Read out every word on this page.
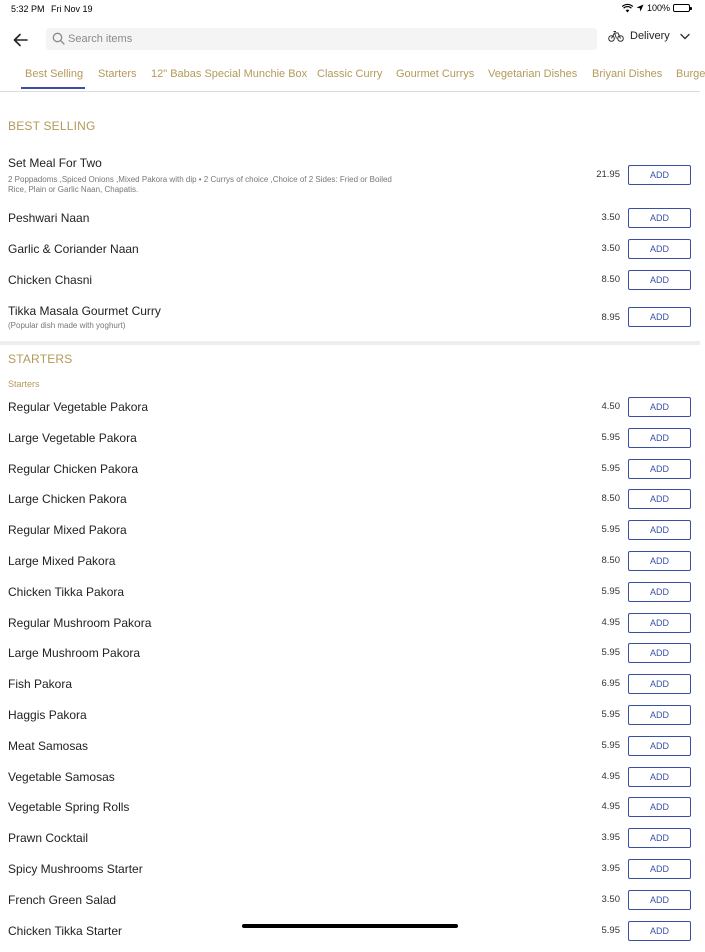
5:32 PM Fri Nov 19	100%
Search items
Delivery
Best Selling Starters 12" Babas Special Munchie Box Classic Curry Gourmet Currys Vegetarian Dishes Briyani Dishes Burge
BEST SELLING
Set Meal For Two
2 Poppadoms ,Spiced Onions ,Mixed Pakora with dip • 2 Currys of choice ,Choice of 2 Sides: Fried or Boiled Rice, Plain or Garlic Naan, Chapatis.
21.95	ADD
Peshwari Naan	3.50	ADD
Garlic & Coriander Naan	3.50	ADD
Chicken Chasni	8.50	ADD
Tikka Masala Gourmet Curry
(Popular dish made with yoghurt)
8.95	ADD
STARTERS
Starters
Regular Vegetable Pakora	4.50	ADD
Large Vegetable Pakora	5.95	ADD
Regular Chicken Pakora	5.95	ADD
Large Chicken Pakora	8.50	ADD
Regular Mixed Pakora	5.95	ADD
Large Mixed Pakora	8.50	ADD
Chicken Tikka Pakora	5.95	ADD
Regular Mushroom Pakora	4.95	ADD
Large Mushroom Pakora	5.95	ADD
Fish Pakora	6.95	ADD
Haggis Pakora	5.95	ADD
Meat Samosas	5.95	ADD
Vegetable Samosas	4.95	ADD
Vegetable Spring Rolls	4.95	ADD
Prawn Cocktail	3.95	ADD
Spicy Mushrooms Starter	3.95	ADD
French Green Salad	3.50	ADD
Chicken Tikka Starter	5.95	ADD
